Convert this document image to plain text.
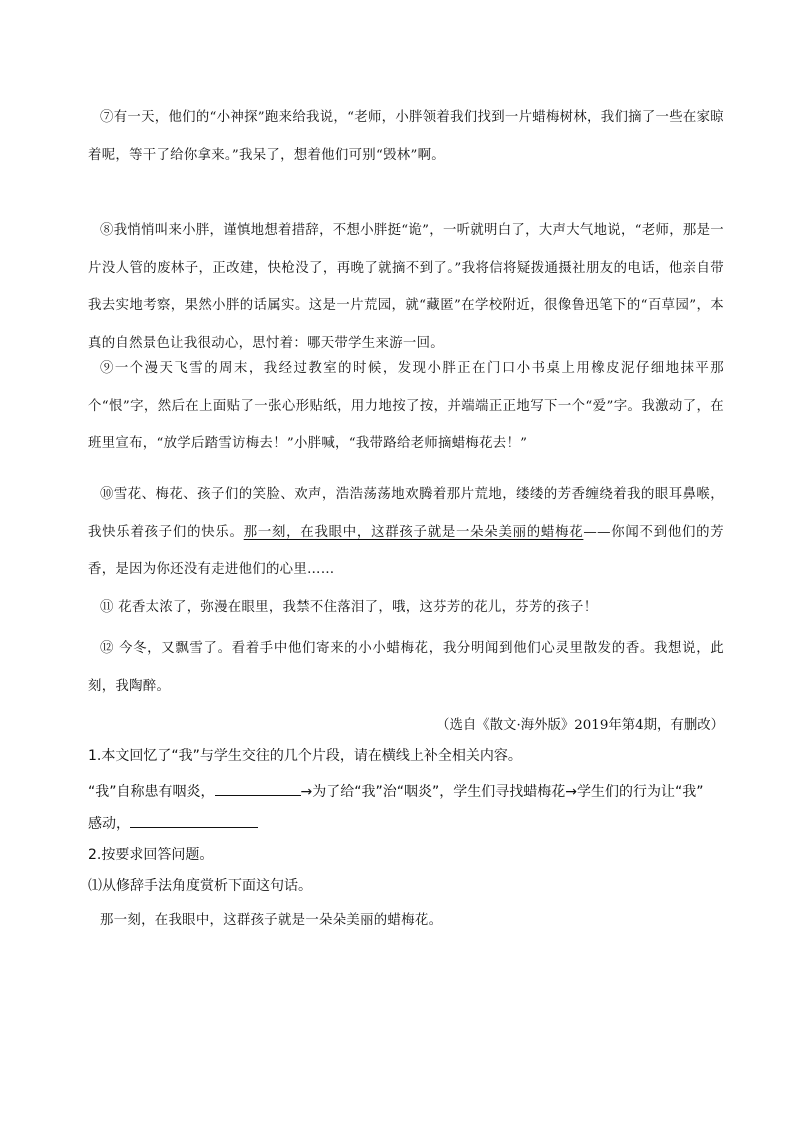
⑦有一天，他们的“小神探”跑来给我说，“老师，小胖领着我们找到一片蜡梅树林，我们摘了一些在家晾着呢，等干了给你拿来。”我呆了，想着他们可别“毁林”啊。

⑧我悄悄叫来小胖，谨慎地想着措辞，不想小胖挺“诡”，一听就明白了，大声大气地说，“老师，那是一片没人管的废林子，正改建，快枪没了，再晚了就摘不到了。”我将信将疑拨通摄社朋友的电话，他亲自带我去实地考察，果然小胖的话属实。这是一片荒园，就“藏匿”在学校附近，很像鲁迅笔下的“百草园”，本真的自然景色让我很动心，思忖着：哪天带学生来游一回。

⑨一个漫天飞雪的周末，我经过教室的时候，发现小胖正在门口小书桌上用橡皮泥仔细地抹平那个“恨”字，然后在上面贴了一张心形贴纸，用力地按了按，并端端正正地写下一个“爱”字。我激动了，在班里宣布，“放学后踏雪访梅去！”小胖喊，“我带路给老师摘蜡梅花去！”

⑩雪花、梅花、孩子们的笑脸、欢声，浩浩荡荡地欢腾着那片荒地，缕缕的芳香缠绕着我的眼耳鼻喉，我快乐着孩子们的快乐。那一刻，在我眼中，这群孩子就是一朵朵美丽的蜡梅花——你闻不到他们的芳香，是因为你还没有走进他们的心里……

⑪ 花香太浓了，弥漫在眼里，我禁不住落泪了，哦，这芬芳的花儿，芬芳的孩子！

⑫ 今冬，又飘雪了。看着手中他们寄来的小小蜡梅花，我分明闻到他们心灵里散发的香。我想说，此刻，我陶醉。

（选自《散文·海外版》2019年第4期，有删改）

1.本文回忆了“我”与学生交往的几个片段，请在横线上补全相关内容。

“我”自称患有咽炎，	→为了给“我”治“咽炎”，学生们寻找蜡梅花→学生们的行为让“我”

感动，

2.按要求回答问题。

⑴从修辞手法角度赏析下面这句话。

那一刻，在我眼中，这群孩子就是一朵朵美丽的蜡梅花。
